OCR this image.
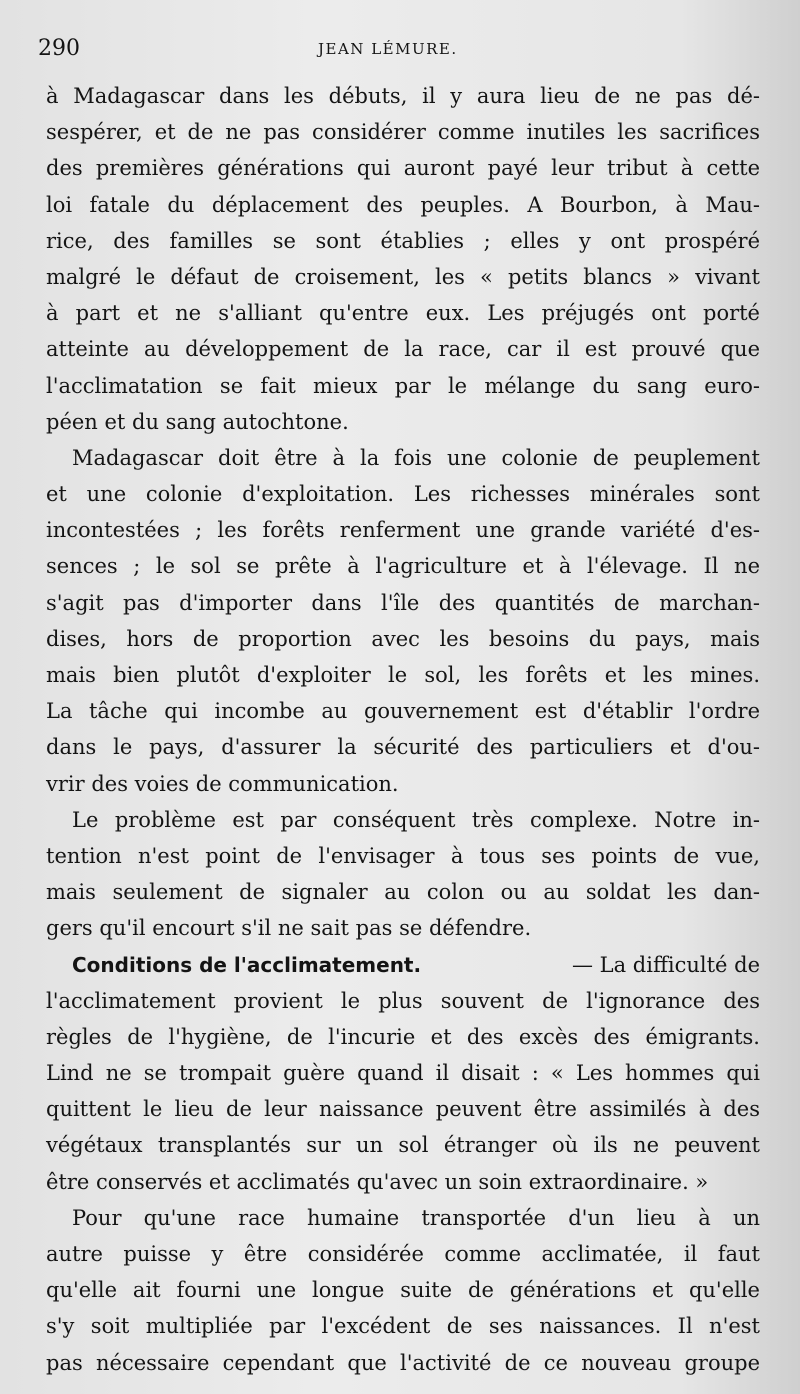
290	JEAN LÉMURE.
à Madagascar dans les débuts, il y aura lieu de ne pas dé-
sespérer, et de ne pas considérer comme inutiles les sacrifices
des premières générations qui auront payé leur tribut à cette
loi fatale du déplacement des peuples. A Bourbon, à Mau-
rice, des familles se sont établies ; elles y ont prospéré
malgré le défaut de croisement, les « petits blancs » vivant
à part et ne s'alliant qu'entre eux. Les préjugés ont porté
atteinte au développement de la race, car il est prouvé que
l'acclimatation se fait mieux par le mélange du sang euro-
péen et du sang autochtone.
Madagascar doit être à la fois une colonie de peuplement
et une colonie d'exploitation. Les richesses minérales sont
incontestées ; les forêts renferment une grande variété d'es-
sences ; le sol se prête à l'agriculture et à l'élevage. Il ne
s'agit pas d'importer dans l'île des quantités de marchan-
dises, hors de proportion avec les besoins du pays, mais
mais bien plutôt d'exploiter le sol, les forêts et les mines.
La tâche qui incombe au gouvernement est d'établir l'ordre
dans le pays, d'assurer la sécurité des particuliers et d'ou-
vrir des voies de communication.
Le problème est par conséquent très complexe. Notre in-
tention n'est point de l'envisager à tous ses points de vue,
mais seulement de signaler au colon ou au soldat les dan-
gers qu'il encourt s'il ne sait pas se défendre.
Conditions de l'acclimatement.	— La difficulté de
l'acclimatement provient le plus souvent de l'ignorance des
règles de l'hygiène, de l'incurie et des excès des émigrants.
Lind ne se trompait guère quand il disait : « Les hommes qui
quittent le lieu de leur naissance peuvent être assimilés à des
végétaux transplantés sur un sol étranger où ils ne peuvent
être conservés et acclimatés qu'avec un soin extraordinaire. »
Pour qu'une race humaine transportée d'un lieu à un
autre puisse y être considérée comme acclimatée, il faut
qu'elle ait fourni une longue suite de générations et qu'elle
s'y soit multipliée par l'excédent de ses naissances. Il n'est
pas nécessaire cependant que l'activité de ce nouveau groupe
